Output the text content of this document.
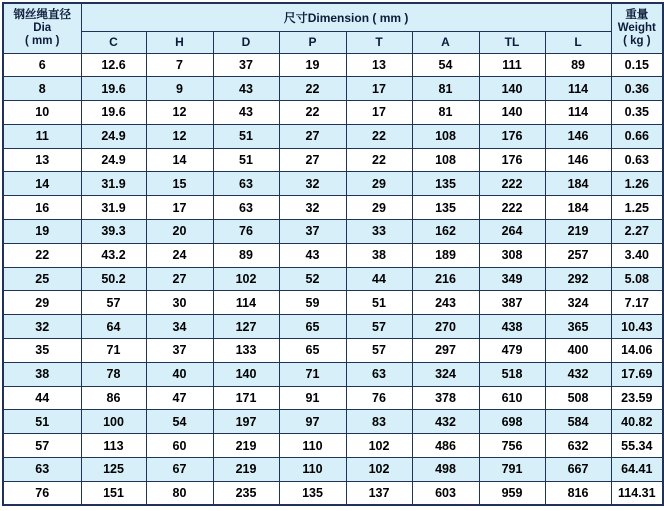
钢丝绳直径
Dia
( mm )	尺寸Dimension ( mm )								重量
Weight
( kg )

	C	H	D	P	T	A	TL	L	
6	12.6	7	37	19	13	54	111	89	0.15
8	19.6	9	43	22	17	81	140	114	0.36
10	19.6	12	43	22	17	81	140	114	0.35
11	24.9	12	51	27	22	108	176	146	0.66
13	24.9	14	51	27	22	108	176	146	0.63
14	31.9	15	63	32	29	135	222	184	1.26
16	31.9	17	63	32	29	135	222	184	1.25
19	39.3	20	76	37	33	162	264	219	2.27
22	43.2	24	89	43	38	189	308	257	3.40
25	50.2	27	102	52	44	216	349	292	5.08
29	57	30	114	59	51	243	387	324	7.17
32	64	34	127	65	57	270	438	365	10.43
35	71	37	133	65	57	297	479	400	14.06
38	78	40	140	71	63	324	518	432	17.69
44	86	47	171	91	76	378	610	508	23.59
51	100	54	197	97	83	432	698	584	40.82
57	113	60	219	110	102	486	756	632	55.34
63	125	67	219	110	102	498	791	667	64.41
76	151	80	235	135	137	603	959	816	114.31
